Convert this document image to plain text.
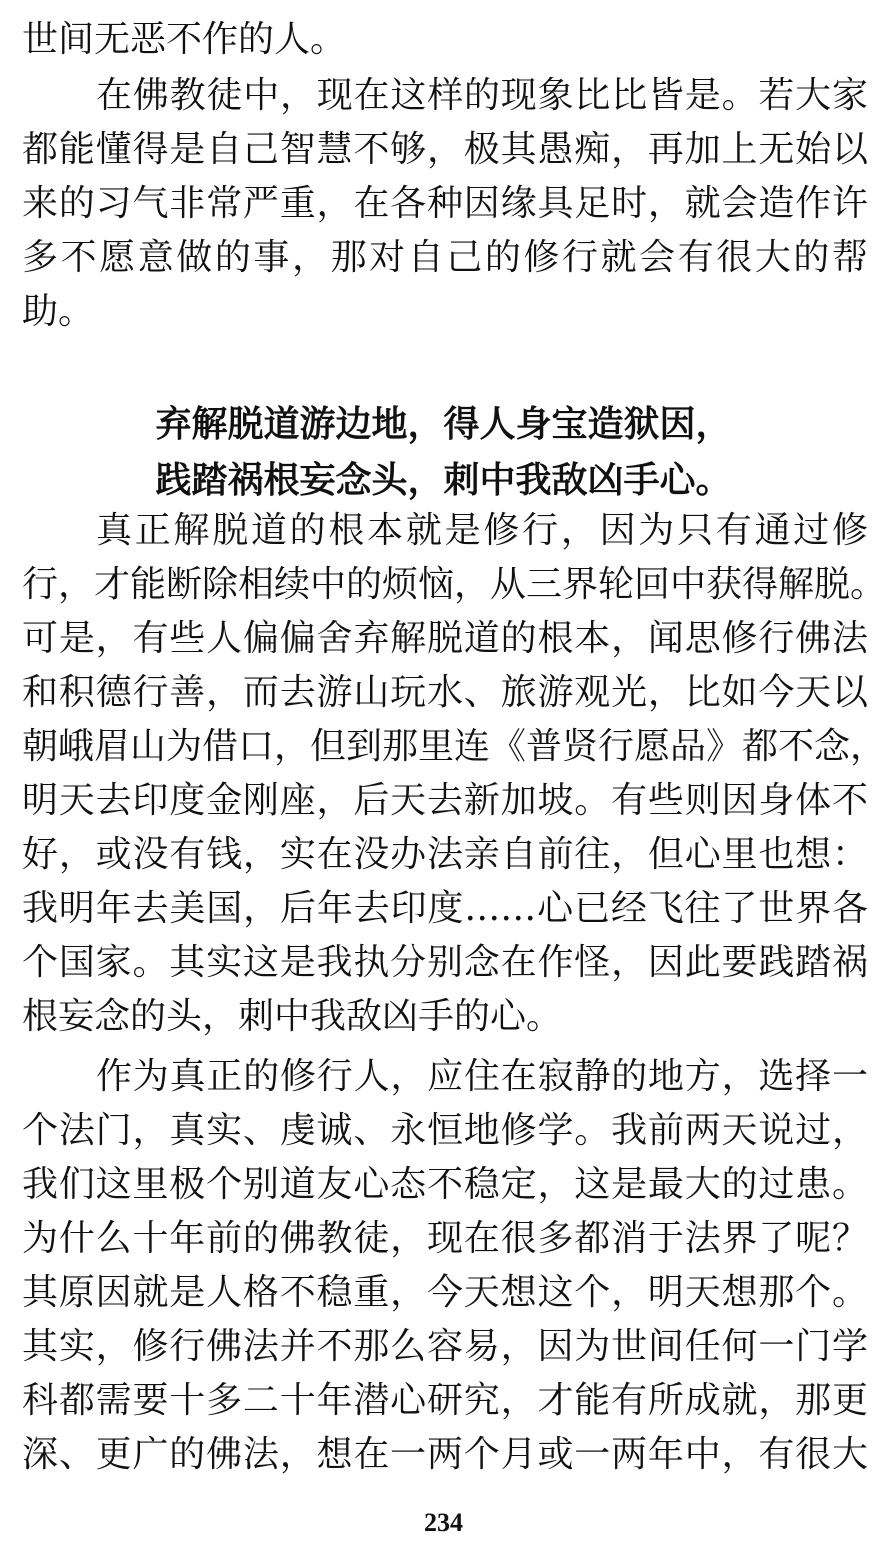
世间无恶不作的人。
在佛教徒中，现在这样的现象比比皆是。若大家
都能懂得是自己智慧不够，极其愚痴，再加上无始以
来的习气非常严重，在各种因缘具足时，就会造作许
多不愿意做的事，那对自己的修行就会有很大的帮
助。
弃解脱道游边地，得人身宝造狱因，
践踏祸根妄念头，刺中我敌凶手心。
真正解脱道的根本就是修行，因为只有通过修
行，才能断除相续中的烦恼，从三界轮回中获得解脱。
可是，有些人偏偏舍弃解脱道的根本，闻思修行佛法
和积德行善，而去游山玩水、旅游观光，比如今天以
朝峨眉山为借口，但到那里连《普贤行愿品》都不念，
明天去印度金刚座，后天去新加坡。有些则因身体不
好，或没有钱，实在没办法亲自前往，但心里也想：
我明年去美国，后年去印度……心已经飞往了世界各
个国家。其实这是我执分别念在作怪，因此要践踏祸
根妄念的头，刺中我敌凶手的心。
作为真正的修行人，应住在寂静的地方，选择一
个法门，真实、虔诚、永恒地修学。我前两天说过，
我们这里极个别道友心态不稳定，这是最大的过患。
为什么十年前的佛教徒，现在很多都消于法界了呢？
其原因就是人格不稳重，今天想这个，明天想那个。
其实，修行佛法并不那么容易，因为世间任何一门学
科都需要十多二十年潜心研究，才能有所成就，那更
深、更广的佛法，想在一两个月或一两年中，有很大
234
